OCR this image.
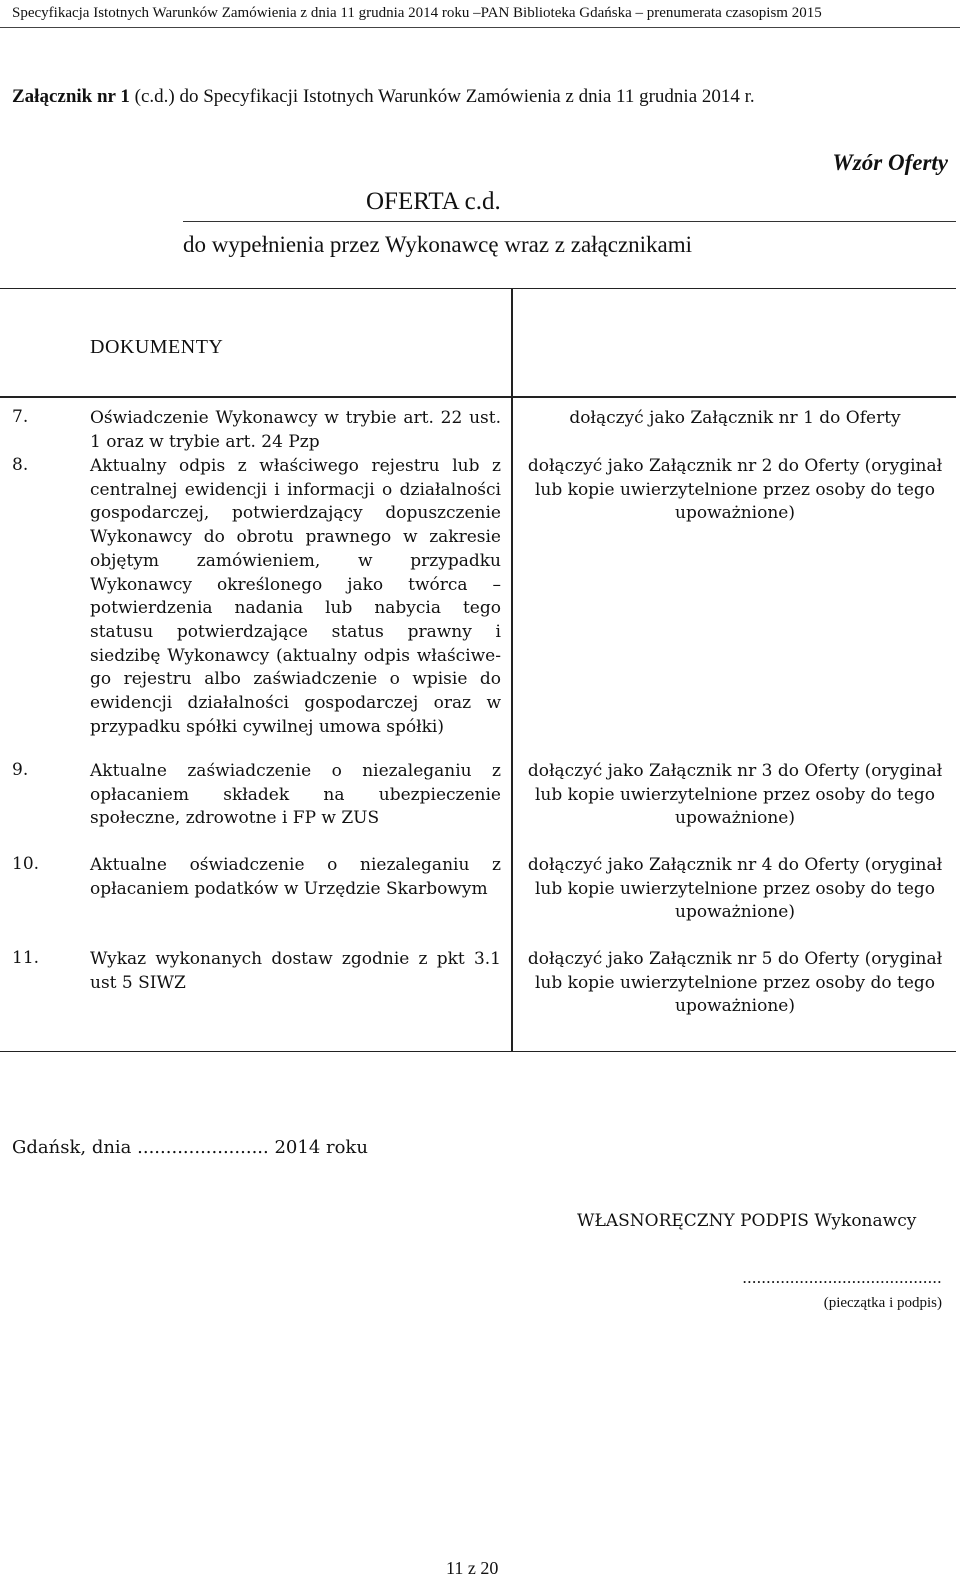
Specyfikacja Istotnych Warunków Zamówienia z dnia 11 grudnia 2014 roku –PAN Biblioteka Gdańska – prenumerata czasopism 2015
Załącznik nr 1 (c.d.) do Specyfikacji Istotnych Warunków Zamówienia z dnia 11 grudnia 2014 r.
Wzór Oferty
OFERTA c.d.
do wypełnienia przez Wykonawcę wraz z załącznikami
DOKUMENTY
7.	Oświadczenie Wykonawcy w trybie art. 22 ust. 1 oraz w trybie art. 24 Pzp
dołączyć jako Załącznik nr 1 do Oferty
8.	Aktualny odpis z właściwego rejestru lub z centralnej ewidencji i informacji o działalności gospodarczej, potwierdzający dopuszczenie Wykonawcy do obrotu prawnego w zakresie objętym zamówieniem, w przypadku Wykonawcy określonego jako twórca – potwierdzenia nadania lub nabycia tego statusu potwierdzające status prawny i siedzibę Wykonawcy (aktualny odpis właściwe-go rejestru albo zaświadczenie o wpisie do ewidencji działalności gospodarczej oraz w przypadku spółki cywilnej umowa spółki)
dołączyć jako Załącznik nr 2 do Oferty (oryginał lub kopie uwierzytelnione przez osoby do tego upoważnione)
9.	Aktualne zaświadczenie o niezaleganiu z opłacaniem składek na ubezpieczenie społeczne, zdrowotne i FP w ZUS
dołączyć jako Załącznik nr 3 do Oferty (oryginał lub kopie uwierzytelnione przez osoby do tego upoważnione)
10.	Aktualne oświadczenie o niezaleganiu z opłacaniem podatków w Urzędzie Skarbowym
dołączyć jako Załącznik nr 4 do Oferty (oryginał lub kopie uwierzytelnione przez osoby do tego upoważnione)
11.	Wykaz wykonanych dostaw zgodnie z pkt 3.1 ust 5 SIWZ
dołączyć jako Załącznik nr 5 do Oferty (oryginał lub kopie uwierzytelnione przez osoby do tego upoważnione)
Gdańsk, dnia ....................... 2014 roku
WŁASNORĘCZNY PODPIS Wykonawcy
..........................................
(pieczątka i podpis)
11 z 20
